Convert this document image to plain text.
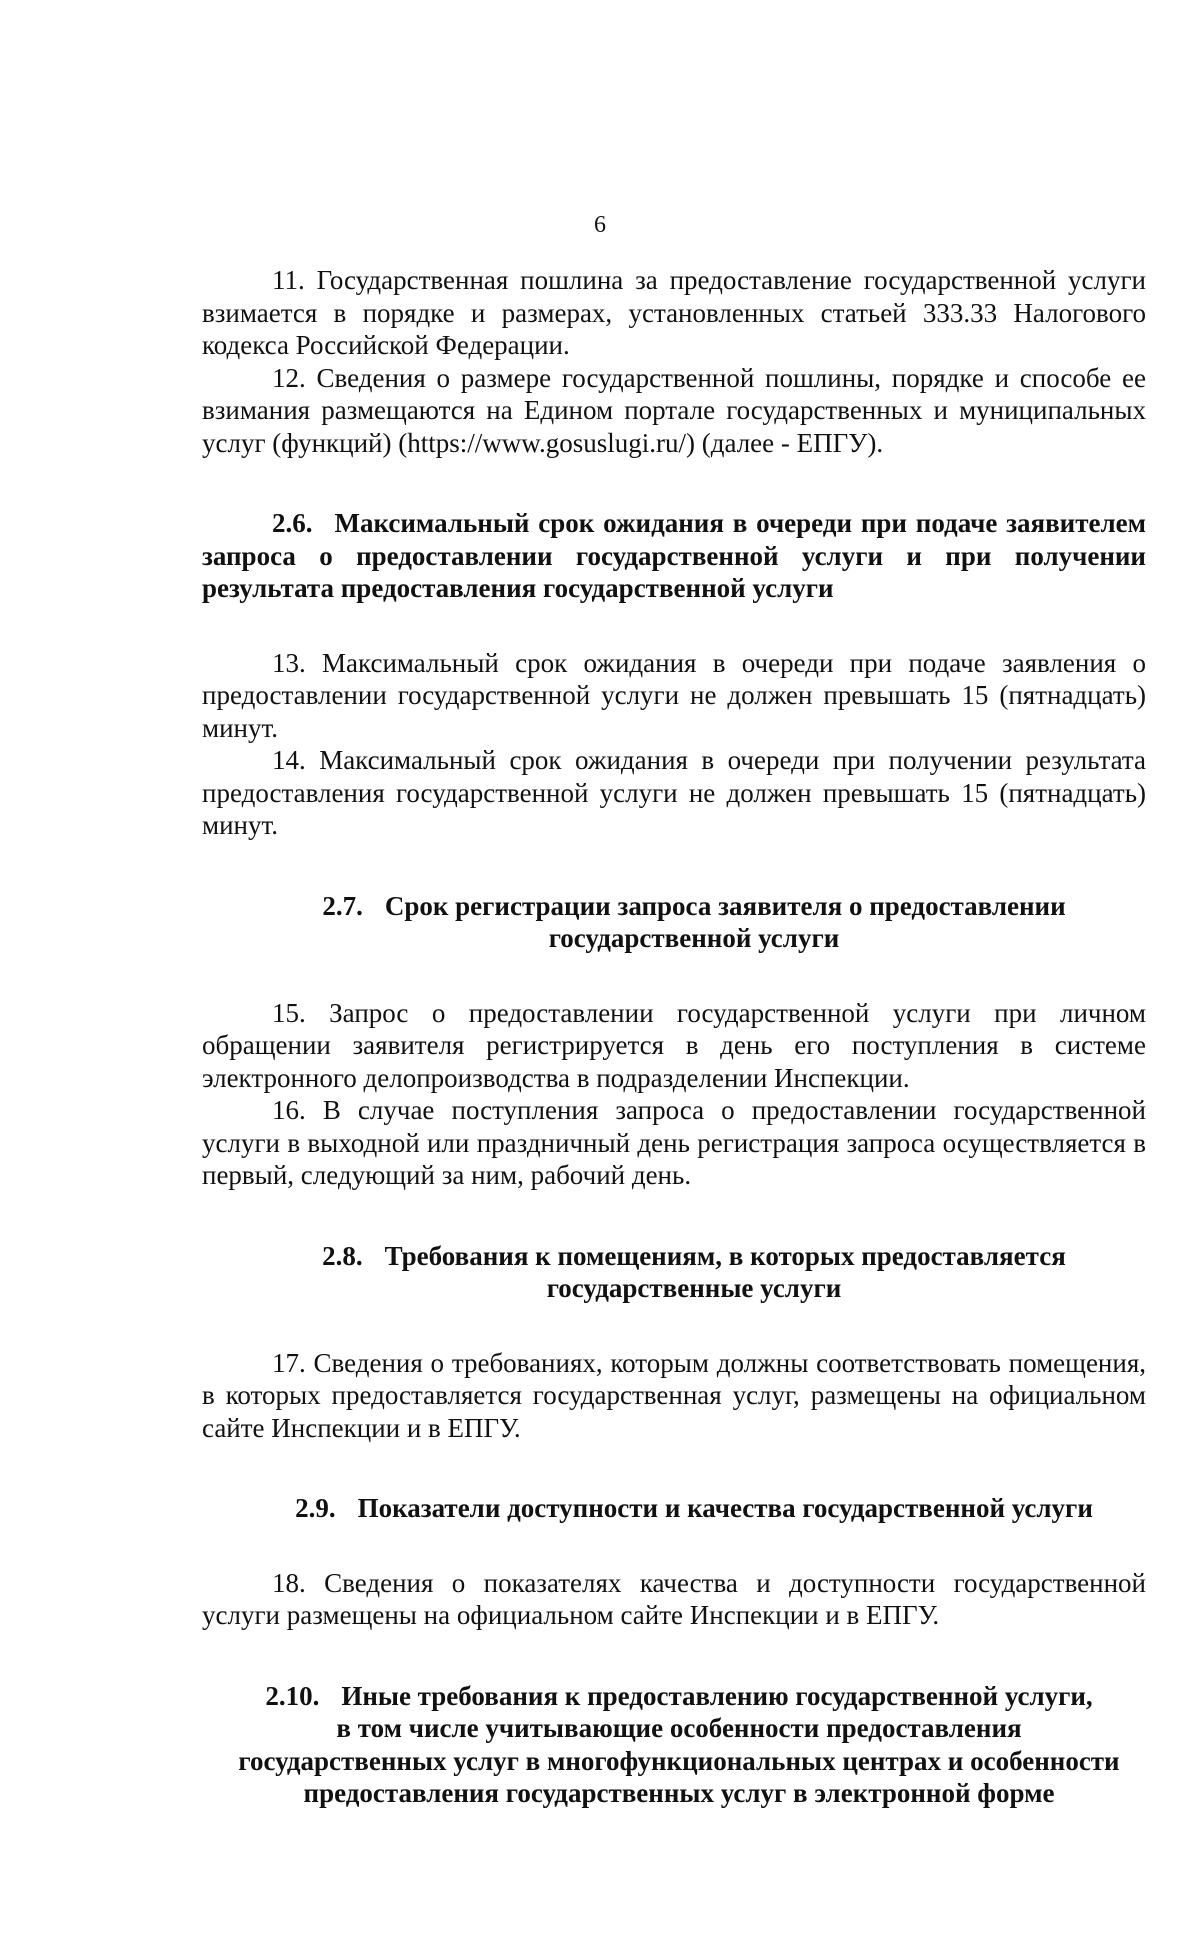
6

11. Государственная пошлина за предоставление государственной услуги взимается в порядке и размерах, установленных статьей 333.33 Налогового кодекса Российской Федерации.

12. Сведения о размере государственной пошлины, порядке и способе ее взимания размещаются на Едином портале государственных и муниципальных услуг (функций) (https://www.gosuslugi.ru/) (далее - ЕПГУ).

2.6. Максимальный срок ожидания в очереди при подаче заявителем запроса о предоставлении государственной услуги и при получении результата предоставления государственной услуги

13. Максимальный срок ожидания в очереди при подаче заявления о предоставлении государственной услуги не должен превышать 15 (пятнадцать) минут.

14. Максимальный срок ожидания в очереди при получении результата предоставления государственной услуги не должен превышать 15 (пятнадцать) минут.

2.7. Срок регистрации запроса заявителя о предоставлении
государственной услуги

15. Запрос о предоставлении государственной услуги при личном обращении заявителя регистрируется в день его поступления в системе электронного делопроизводства в подразделении Инспекции.

16. В случае поступления запроса о предоставлении государственной услуги в выходной или праздничный день регистрация запроса осуществляется в первый, следующий за ним, рабочий день.

2.8. Требования к помещениям, в которых предоставляется
государственные услуги

17. Сведения о требованиях, которым должны соответствовать помещения, в которых предоставляется государственная услуг, размещены на официальном сайте Инспекции и в ЕПГУ.

2.9. Показатели доступности и качества государственной услуги

18. Сведения о показателях качества и доступности государственной услуги размещены на официальном сайте Инспекции и в ЕПГУ.

2.10. Иные требования к предоставлению государственной услуги,
в том числе учитывающие особенности предоставления
государственных услуг в многофункциональных центрах и особенности
предоставления государственных услуг в электронной форме
